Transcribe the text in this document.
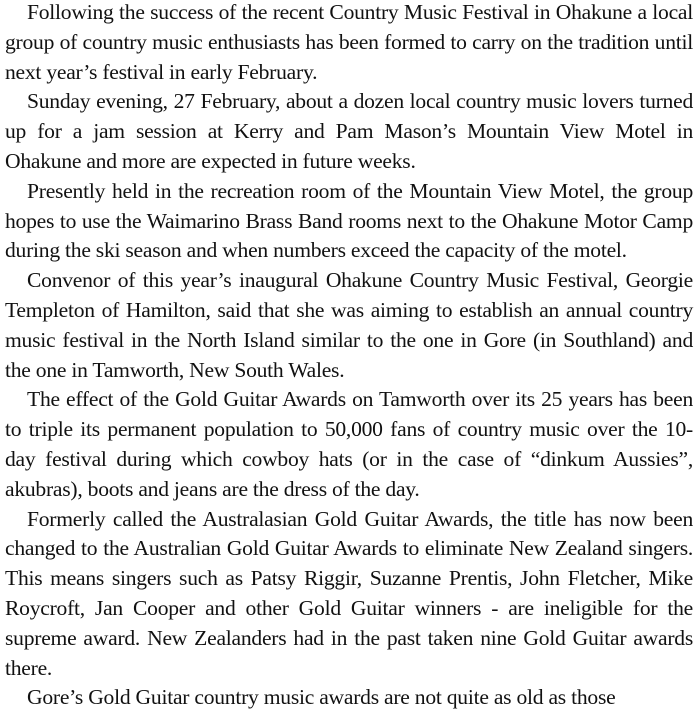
Following the success of the recent Country Music Festival in Ohakune a local group of country music enthusiasts has been formed to carry on the tradition until next year’s festival in early February.

Sunday evening, 27 February, about a dozen local country music lovers turned up for a jam session at Kerry and Pam Mason’s Mountain View Motel in Ohakune and more are expected in future weeks.

Presently held in the recreation room of the Mountain View Motel, the group hopes to use the Waimarino Brass Band rooms next to the Ohakune Motor Camp during the ski season and when numbers exceed the capacity of the motel.

Convenor of this year’s inaugural Ohakune Country Music Festival, Georgie Templeton of Hamilton, said that she was aiming to establish an annual country music festival in the North Island similar to the one in Gore (in Southland) and the one in Tamworth, New South Wales.

The effect of the Gold Guitar Awards on Tamworth over its 25 years has been to triple its permanent population to 50,000 fans of country music over the 10-day festival during which cowboy hats (or in the case of “dinkum Aussies”, akubras), boots and jeans are the dress of the day.

Formerly called the Australasian Gold Guitar Awards, the title has now been changed to the Australian Gold Guitar Awards to eliminate New Zealand singers. This means singers such as Patsy Riggir, Suzanne Prentis, John Fletcher, Mike Roycroft, Jan Cooper and other Gold Guitar winners - are ineligible for the supreme award. New Zealanders had in the past taken nine Gold Guitar awards there.

Gore’s Gold Guitar country music awards are not quite as old as those
